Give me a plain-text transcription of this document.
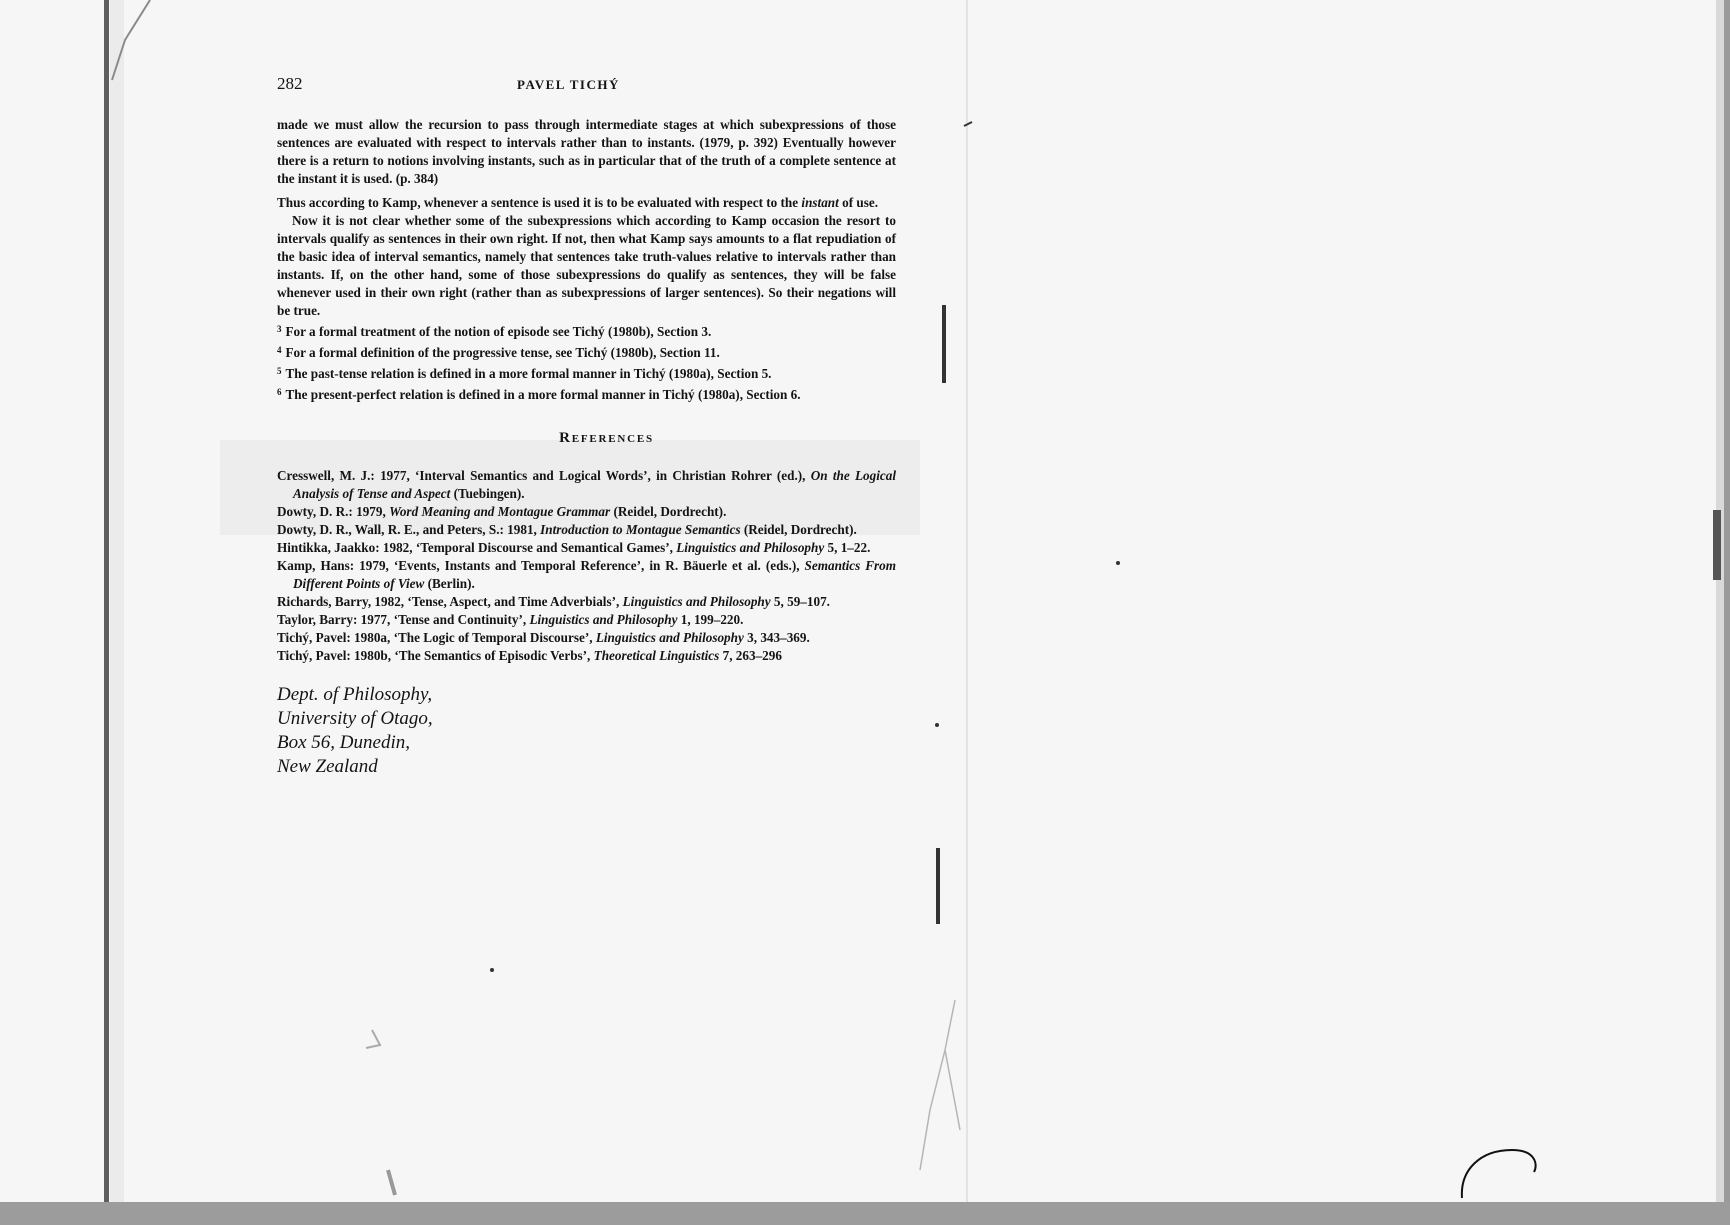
282	PAVEL TICHÝ

made we must allow the recursion to pass through intermediate stages at which subexpressions of those sentences are evaluated with respect to intervals rather than to instants. (1979, p. 392) Eventually however there is a return to notions involving instants, such as in particular that of the truth of a complete sentence at the instant it is used. (p. 384)

Thus according to Kamp, whenever a sentence is used it is to be evaluated with respect to the instant of use.

Now it is not clear whether some of the subexpressions which according to Kamp occasion the resort to intervals qualify as sentences in their own right. If not, then what Kamp says amounts to a flat repudiation of the basic idea of interval semantics, namely that sentences take truth-values relative to intervals rather than instants. If, on the other hand, some of those subexpressions do qualify as sentences, they will be false whenever used in their own right (rather than as subexpressions of larger sentences). So their negations will be true.

$^3$ For a formal treatment of the notion of episode see Tichý (1980b), Section 3.
$^4$ For a formal definition of the progressive tense, see Tichý (1980b), Section 11.
$^5$ The past-tense relation is defined in a more formal manner in Tichý (1980a), Section 5.
$^6$ The present-perfect relation is defined in a more formal manner in Tichý (1980a), Section 6.
References
Cresswell, M. J.: 1977, ‘Interval Semantics and Logical Words’, in Christian Rohrer (ed.), On the Logical Analysis of Tense and Aspect (Tuebingen).
Dowty, D. R.: 1979, Word Meaning and Montague Grammar (Reidel, Dordrecht).
Dowty, D. R., Wall, R. E., and Peters, S.: 1981, Introduction to Montague Semantics (Reidel, Dordrecht).
Hintikka, Jaakko: 1982, ‘Temporal Discourse and Semantical Games’, Linguistics and Philosophy 5, 1–22.
Kamp, Hans: 1979, ‘Events, Instants and Temporal Reference’, in R. Bäuerle et al. (eds.), Semantics From Different Points of View (Berlin).
Richards, Barry, 1982, ‘Tense, Aspect, and Time Adverbials’, Linguistics and Philosophy 5, 59–107.
Taylor, Barry: 1977, ‘Tense and Continuity’, Linguistics and Philosophy 1, 199–220.
Tichý, Pavel: 1980a, ‘The Logic of Temporal Discourse’, Linguistics and Philosophy 3, 343–369.
Tichý, Pavel: 1980b, ‘The Semantics of Episodic Verbs’, Theoretical Linguistics 7, 263–296
Dept. of Philosophy,
University of Otago,
Box 56, Dunedin,
New Zealand
